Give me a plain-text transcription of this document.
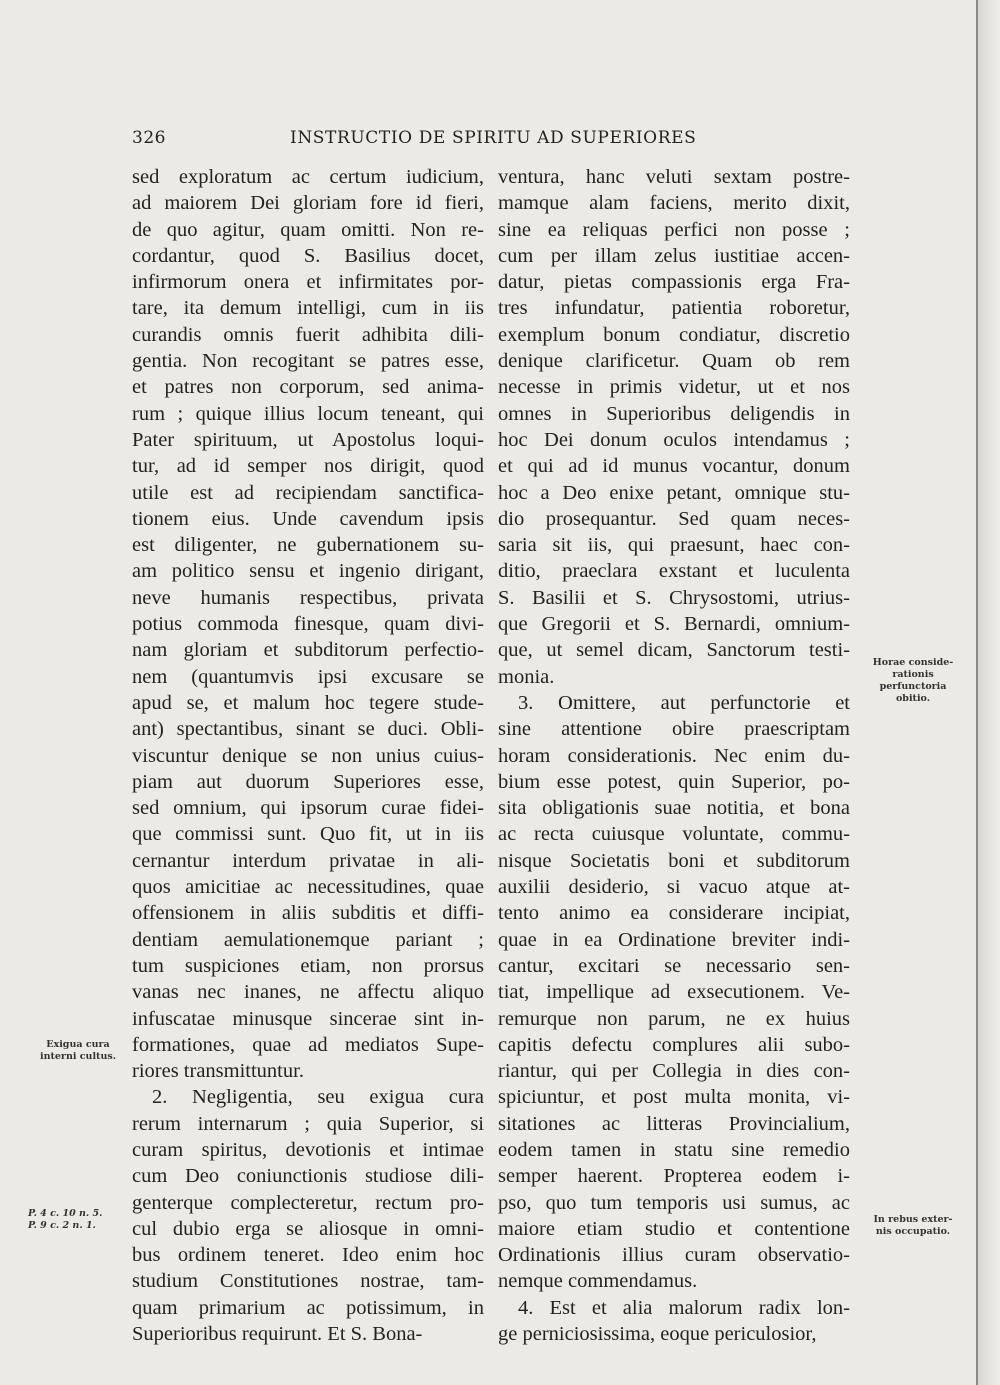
326	INSTRUCTIO DE SPIRITU AD SUPERIORES
sed exploratum ac certum iudicium,
ad maiorem Dei gloriam fore id fieri,
de quo agitur, quam omitti. Non re-
cordantur, quod S. Basilius docet,
infirmorum onera et infirmitates por-
tare, ita demum intelligi, cum in iis
curandis omnis fuerit adhibita dili-
gentia. Non recogitant se patres esse,
et patres non corporum, sed anima-
rum ; quique illius locum teneant, qui
Pater spirituum, ut Apostolus loqui-
tur, ad id semper nos dirigit, quod
utile est ad recipiendam sanctifica-
tionem eius. Unde cavendum ipsis
est diligenter, ne gubernationem su-
am politico sensu et ingenio dirigant,
neve humanis respectibus, privata
potius commoda finesque, quam divi-
nam gloriam et subditorum perfectio-
nem (quantumvis ipsi excusare se
apud se, et malum hoc tegere stude-
ant) spectantibus, sinant se duci. Obli-
viscuntur denique se non unius cuius-
piam aut duorum Superiores esse,
sed omnium, qui ipsorum curae fidei-
que commissi sunt. Quo fit, ut in iis
cernantur interdum privatae in ali-
quos amicitiae ac necessitudines, quae
offensionem in aliis subditis et diffi-
dentiam aemulationemque pariant ;
tum suspiciones etiam, non prorsus
vanas nec inanes, ne affectu aliquo
infuscatae minusque sincerae sint in-
formationes, quae ad mediatos Supe-
riores transmittuntur.
2. Negligentia, seu exigua cura
rerum internarum ; quia Superior, si
curam spiritus, devotionis et intimae
cum Deo coniunctionis studiose dili-
genterque complecteretur, rectum pro-
cul dubio erga se aliosque in omni-
bus ordinem teneret. Ideo enim hoc
studium Constitutiones nostrae, tam-
quam primarium ac potissimum, in
Superioribus requirunt. Et S. Bona-
ventura, hanc veluti sextam postre-
mamque alam faciens, merito dixit,
sine ea reliquas perfici non posse ;
cum per illam zelus iustitiae accen-
datur, pietas compassionis erga Fra-
tres infundatur, patientia roboretur,
exemplum bonum condiatur, discretio
denique clarificetur. Quam ob rem
necesse in primis videtur, ut et nos
omnes in Superioribus deligendis in
hoc Dei donum oculos intendamus ;
et qui ad id munus vocantur, donum
hoc a Deo enixe petant, omnique stu-
dio prosequantur. Sed quam neces-
saria sit iis, qui praesunt, haec con-
ditio, praeclara exstant et luculenta
S. Basilii et S. Chrysostomi, utrius-
que Gregorii et S. Bernardi, omnium-
que, ut semel dicam, Sanctorum testi-
monia.
3. Omittere, aut perfunctorie et
sine attentione obire praescriptam
horam considerationis. Nec enim du-
bium esse potest, quin Superior, po-
sita obligationis suae notitia, et bona
ac recta cuiusque voluntate, commu-
nisque Societatis boni et subditorum
auxilii desiderio, si vacuo atque at-
tento animo ea considerare incipiat,
quae in ea Ordinatione breviter indi-
cantur, excitari se necessario sen-
tiat, impellique ad exsecutionem. Ve-
remurque non parum, ne ex huius
capitis defectu complures alii subo-
riantur, qui per Collegia in dies con-
spiciuntur, et post multa monita, vi-
sitationes ac litteras Provincialium,
eodem tamen in statu sine remedio
semper haerent. Propterea eodem i-
pso, quo tum temporis usi sumus, ac
maiore etiam studio et contentione
Ordinationis illius curam observatio-
nemque commendamus.
4. Est et alia malorum radix lon-
ge perniciosissima, eoque periculosior,
Exigua cura
interni cultus.
P. 4 c. 10 n. 5.
P. 9 c. 2 n. 1.
Horae conside-
rationis
perfunctoria
obitio.
In rebus exter-
nis occupatio.
